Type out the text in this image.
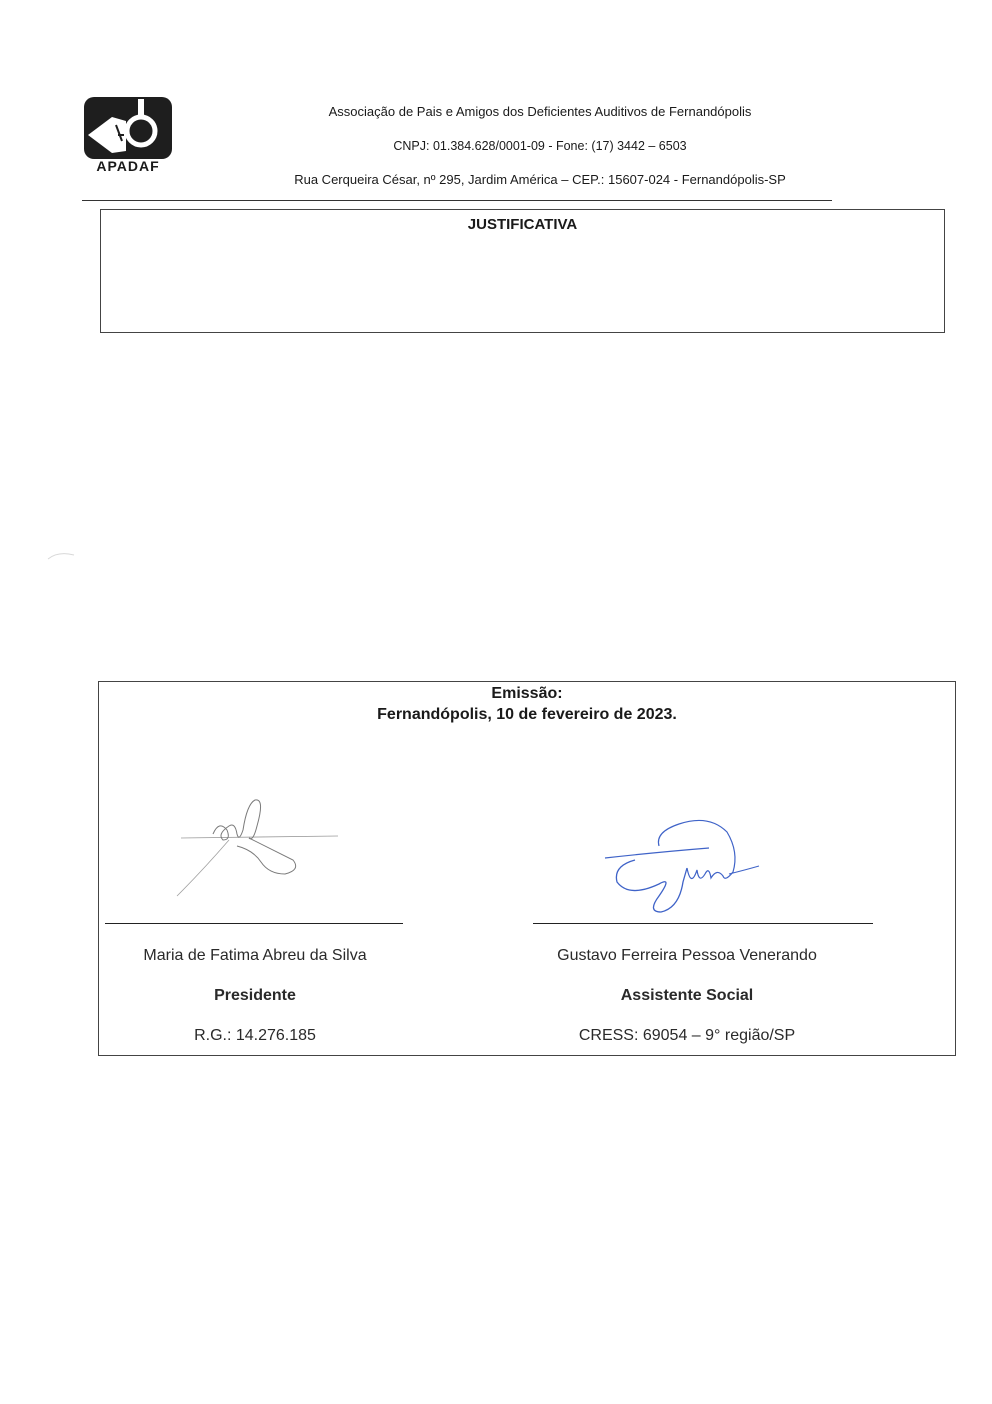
APADAF
Associação de Pais e Amigos dos Deficientes Auditivos de Fernandópolis
CNPJ: 01.384.628/0001-09 - Fone: (17) 3442 – 6503
Rua Cerqueira César, nº 295, Jardim América – CEP.: 15607-024 - Fernandópolis-SP
JUSTIFICATIVA
Emissão:
Fernandópolis, 10 de fevereiro de 2023.
Maria de Fatima Abreu da Silva
Presidente
R.G.: 14.276.185
Gustavo Ferreira Pessoa Venerando
Assistente Social
CRESS: 69054 – 9° região/SP
